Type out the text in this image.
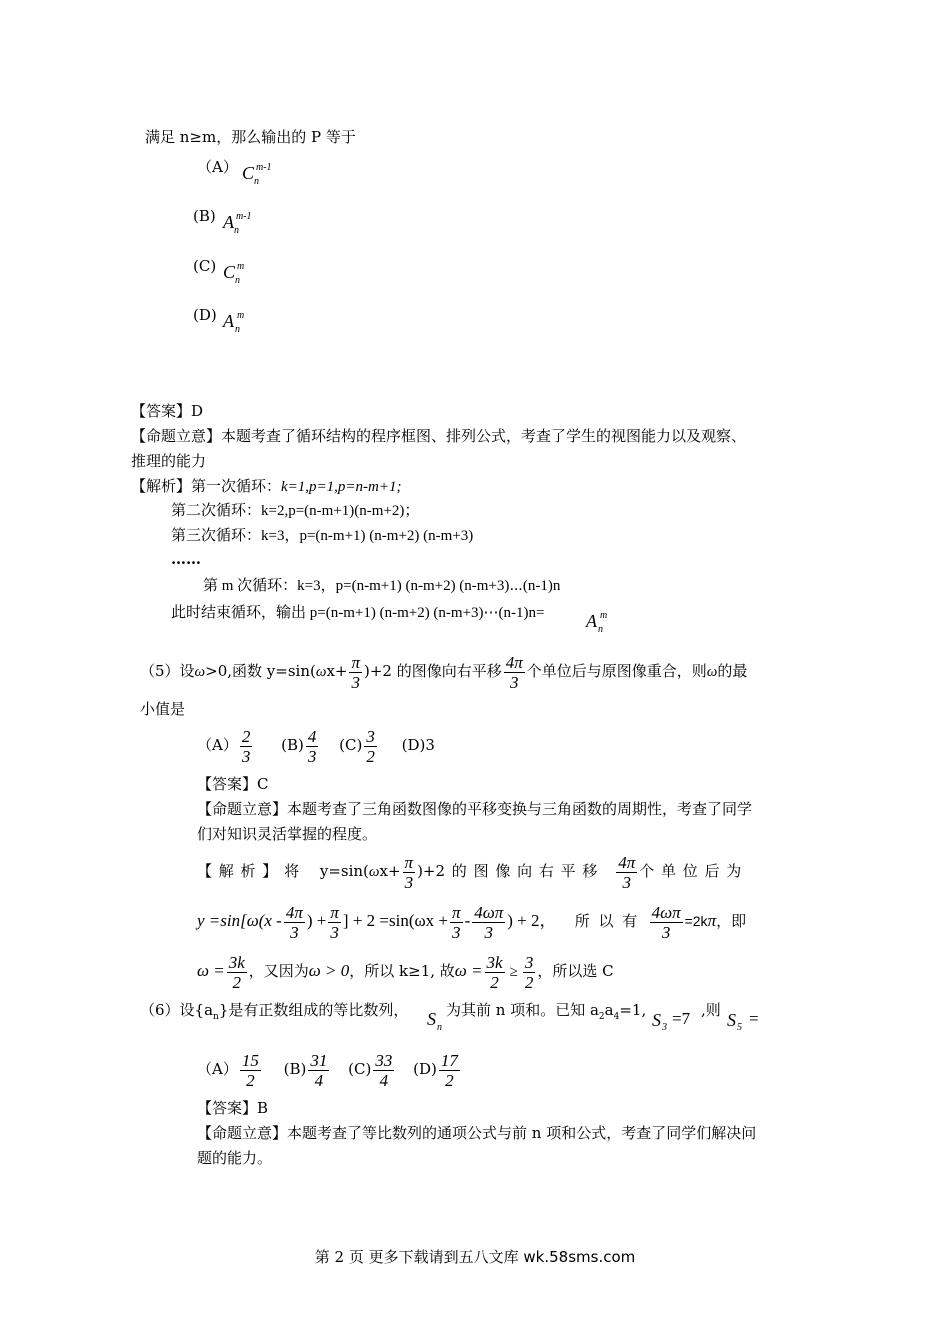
满足 n≥m，那么输出的 P 等于
（A） C m-1
n
(B) A m-1
n
(C) C m
n
(D) A m
n
【答案】D
【命题立意】本题考查了循环结构的程序框图、排列公式，考查了学生的视图能力以及观察、
推理的能力
【解析】第一次循环：k=1,p=1,p=n-m+1;
第二次循环：k=2,p=(n-m+1)(n-m+2)；
第三次循环：k=3，p=(n-m+1) (n-m+2) (n-m+3)
……
第 m 次循环：k=3，p=(n-m+1) (n-m+2) (n-m+3)⋯(n-1)n
此时结束循环，输出 p=(n-m+1) (n-m+2) (n-m+3)⋯(n-1)n= A m
n
（5）设ω>0,函数 $y=\sin(\omega x+ \frac{\pi}{3} )+2$ 的图像向右平移 $\frac{4\pi}{3}$ 个单位后与原图像重合，则ω的最
小值是
$(A) \frac{2}{3} (B) \frac{4}{3} (C) \frac{3}{2} (D)3$
【答案】C
【命题立意】本题考查了三角函数图像的平移变换与三角函数的周期性，考查了同学
们对知识灵活掌握的程度。
【 解 析 】 将 $y=\sin(\omega x+ \frac{\pi}{3} )+2$ 的 图 像 向 右 平 移 $\frac{4\pi}{3}$ 个 单 位 后 为
$y =\sin[\omega(x - \frac{4\pi}{3}$ ) + $\frac{\pi}{3}$ ] + $2 =\sin(\omega x + \frac{\pi}{3} - \frac{4\omega\pi}{3}$ ) + 2， 所 以 有 $\frac{4\omega\pi}{3} =2k\pi$，即
$\omega = \frac{3k}{2}$ ，又因为ω > 0，所以 k≥1, 故$\omega = \frac{3k}{2} \ge \frac{3}{2}$ ，所以选 C
（6）设$\{a_n\}$是有正数组成的等比数列， S n
为其前 n 项和。已知 $a_2a_4=1$, S 3 =7 ,则 S 5 =
$(A) \frac{15}{2} (B) \frac{31}{4} (C) \frac{33}{4} (D) \frac{17}{2}$
【答案】B
【命题立意】本题考查了等比数列的通项公式与前 n 项和公式，考查了同学们解决问
题的能力。
第 2 页 更多下载请到五八文库 wk.58sms.com
